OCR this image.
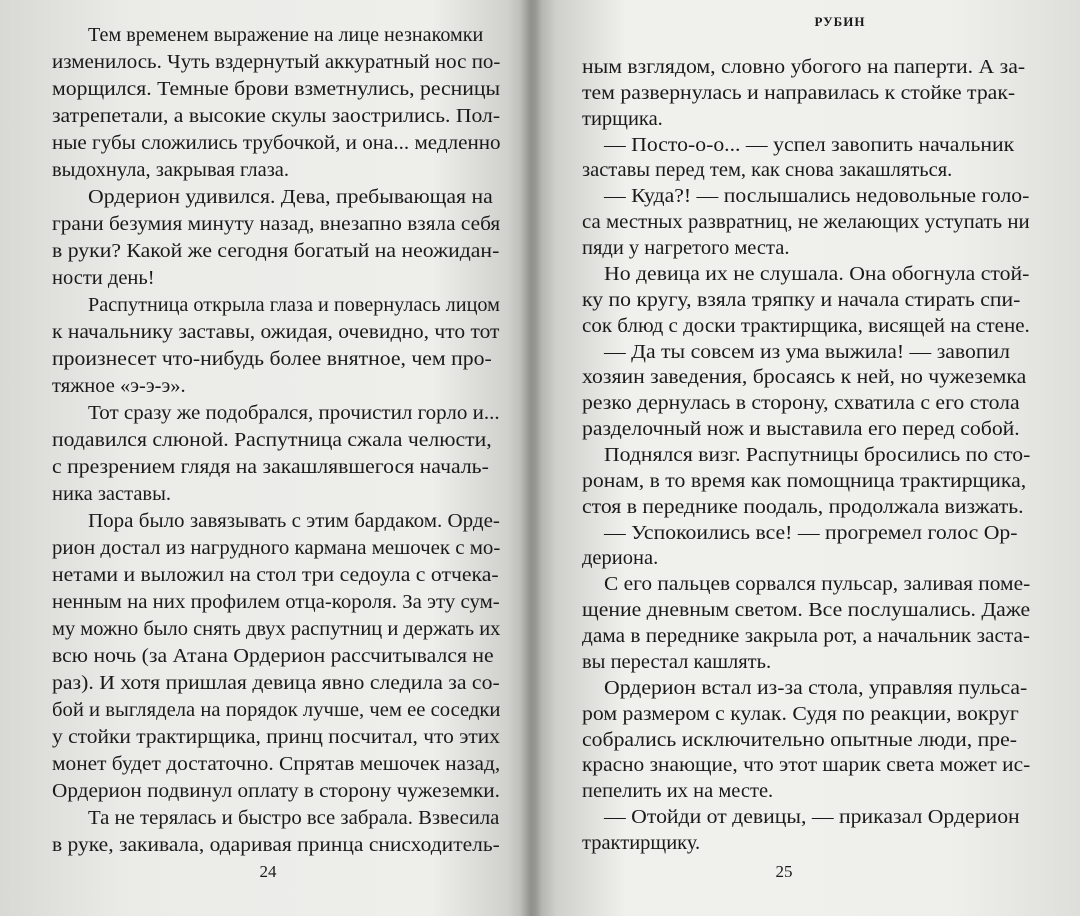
Тем временем выражение на лице незнакомки
изменилось. Чуть вздернутый аккуратный нос по-
морщился. Темные брови взметнулись, ресницы
затрепетали, а высокие скулы заострились. Пол-
ные губы сложились трубочкой, и она... медленно
выдохнула, закрывая глаза.
Ордерион удивился. Дева, пребывающая на
грани безумия минуту назад, внезапно взяла себя
в руки? Какой же сегодня богатый на неожидан-
ности день!
Распутница открыла глаза и повернулась лицом
к начальнику заставы, ожидая, очевидно, что тот
произнесет что-нибудь более внятное, чем про-
тяжное «э-э-э».
Тот сразу же подобрался, прочистил горло и...
подавился слюной. Распутница сжала челюсти,
с презрением глядя на закашлявшегося началь-
ника заставы.
Пора было завязывать с этим бардаком. Орде-
рион достал из нагрудного кармана мешочек с мо-
нетами и выложил на стол три седоула с отчека-
ненным на них профилем отца-короля. За эту сум-
му можно было снять двух распутниц и держать их
всю ночь (за Атана Ордерион рассчитывался не
раз). И хотя пришлая девица явно следила за со-
бой и выглядела на порядок лучше, чем ее соседки
у стойки трактирщика, принц посчитал, что этих
монет будет достаточно. Спрятав мешочек назад,
Ордерион подвинул оплату в сторону чужеземки.
Та не терялась и быстро все забрала. Взвесила
в руке, закивала, одаривая принца снисходитель-
24
РУБИН
ным взглядом, словно убогого на паперти. А за-
тем развернулась и направилась к стойке трак-
тирщика.
— Посто-о-о... — успел завопить начальник
заставы перед тем, как снова закашляться.
— Куда?! — послышались недовольные голо-
са местных развратниц, не желающих уступать ни
пяди у нагретого места.
Но девица их не слушала. Она обогнула стой-
ку по кругу, взяла тряпку и начала стирать спи-
сок блюд с доски трактирщика, висящей на стене.
— Да ты совсем из ума выжила! — завопил
хозяин заведения, бросаясь к ней, но чужеземка
резко дернулась в сторону, схватила с его стола
разделочный нож и выставила его перед собой.
Поднялся визг. Распутницы бросились по сто-
ронам, в то время как помощница трактирщика,
стоя в переднике поодаль, продолжала визжать.
— Успокоились все! — прогремел голос Ор-
дериона.
С его пальцев сорвался пульсар, заливая поме-
щение дневным светом. Все послушались. Даже
дама в переднике закрыла рот, а начальник заста-
вы перестал кашлять.
Ордерион встал из-за стола, управляя пульса-
ром размером с кулак. Судя по реакции, вокруг
собрались исключительно опытные люди, пре-
красно знающие, что этот шарик света может ис-
пепелить их на месте.
— Отойди от девицы, — приказал Ордерион
25
трактирщику.
